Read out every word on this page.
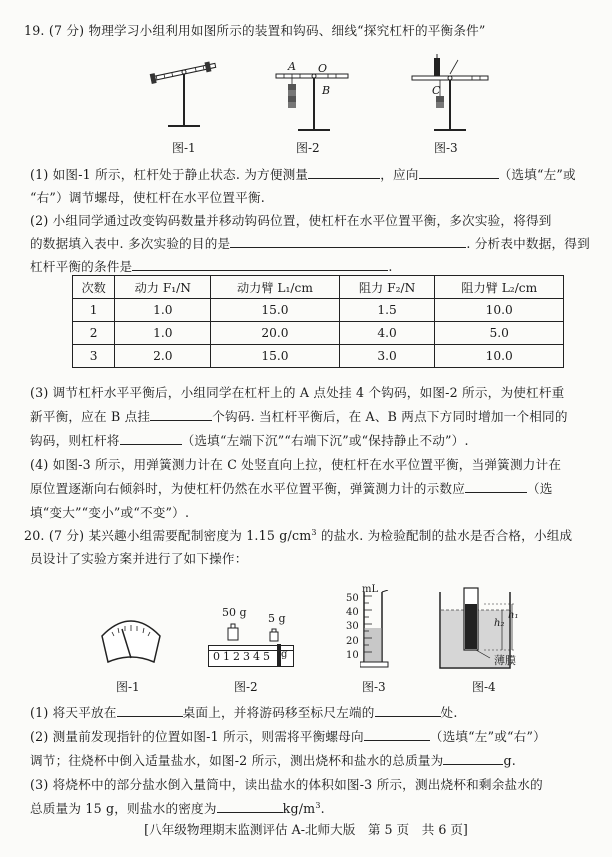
19. (7 分) 物理学习小组利用如图所示的装置和钩码、细线“探究杠杆的平衡条件”
图-1
A O
B
图-2
C
图-3
(1) 如图-1 所示，杠杆处于静止状态. 为方便测量	，应向	（选填“左”或
“右”）调节螺母，使杠杆在水平位置平衡.
(2) 小组同学通过改变钩码数量并移动钩码位置，使杠杆在水平位置平衡，多次实验，将得到
的数据填入表中. 多次实验的目的是	. 分析表中数据，得到
杠杆平衡的条件是	.
次数	动力 F₁/N	动力臂 L₁/cm	阻力 F₂/N	阻力臂 L₂/cm
1	1.0	15.0	1.5	10.0
2	1.0	20.0	4.0	5.0
3	2.0	15.0	3.0	10.0
(3) 调节杠杆水平平衡后，小组同学在杠杆上的 A 点处挂 4 个钩码，如图-2 所示，为使杠杆重
新平衡，应在 B 点挂	个钩码. 当杠杆平衡后，在 A、B 两点下方同时增加一个相同的
钩码，则杠杆将	（选填“左端下沉”“右端下沉”或“保持静止不动”）.
(4) 如图-3 所示，用弹簧测力计在 C 处竖直向上拉，使杠杆在水平位置平衡，当弹簧测力计在
原位置逐渐向右倾斜时，为使杠杆仍然在水平位置平衡，弹簧测力计的示数应	（选
填“变大”“变小”或“不变”）.
20. (7 分) 某兴趣小组需要配制密度为 1.15 $g/cm^3$ 的盐水. 为检验配制的盐水是否合格，小组成
员设计了实验方案并进行了如下操作：
图-1
50 g 5 g
012345 g
图-2
mL
50
40
30
20
10
图-3
h₂
h₁
薄膜
图-4
(1) 将天平放在	桌面上，并将游码移至标尺左端的	处.
(2) 测量前发现指针的位置如图-1 所示，则需将平衡螺母向	（选填“左”或“右”）
调节；往烧杯中倒入适量盐水，如图-2 所示，测出烧杯和盐水的总质量为	g.
(3) 将烧杯中的部分盐水倒入量筒中，读出盐水的体积如图-3 所示，测出烧杯和剩余盐水的
总质量为 15 g，则盐水的密度为	$kg/m^3$.
[八年级物理期末监测评估 A-北师大版　第 5 页　共 6 页]
